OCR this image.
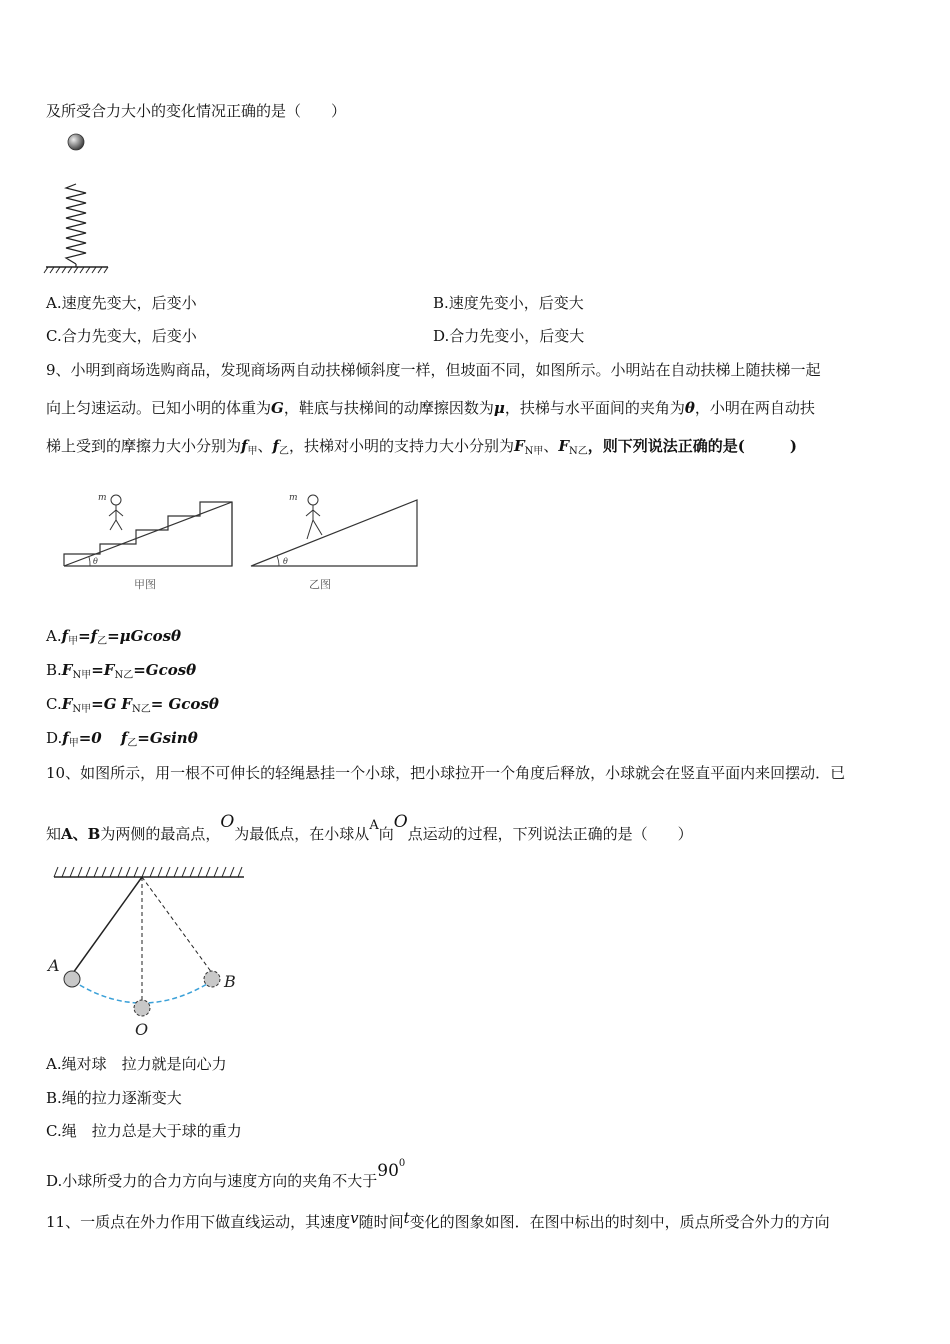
及所受合力大小的变化情况正确的是（　　）
A.速度先变大，后变小	B.速度先变小，后变大
C.合力先变大，后变小	D.合力先变小，后变大
9、小明到商场选购商品，发现商场两自动扶梯倾斜度一样，但坡面不同，如图所示。小明站在自动扶梯上随扶梯一起
向上匀速运动。已知小明的体重为G，鞋底与扶梯间的动摩擦因数为μ，扶梯与水平面间的夹角为θ，小明在两自动扶
梯上受到的摩擦力大小分别为$f_甲$、$f_乙$，扶梯对小明的支持力大小分别为$F_{N甲}$、$F_{N乙}$，则下列说法正确的是(　　　)
m
θ
甲图
m
θ
乙图
$A.f_甲=f_乙=\mu Gcos\theta$
$B.F_{N甲}=F_{N乙}=Gcos\theta$
$C.F_{N甲}=G$ $F_{N乙}= Gcos\theta$
$D.f_甲=0$ $f_乙=Gsin\theta$
10、如图所示，用一根不可伸长的轻绳悬挂一个小球，把小球拉开一个角度后释放，小球就会在竖直平面内来回摆动．已
知A、B为两侧的最高点，O为最低点，在小球从A向O点运动的过程，下列说法正确的是（　　）
A
B
O
A.绳对球　拉力就是向心力
B.绳的拉力逐渐变大
C.绳　拉力总是大于球的重力
D.小球所受力的合力方向与速度方向的夹角不大于$90^0$
11、一质点在外力作用下做直线运动，其速度v随时间t变化的图象如图．在图中标出的时刻中，质点所受合外力的方向
